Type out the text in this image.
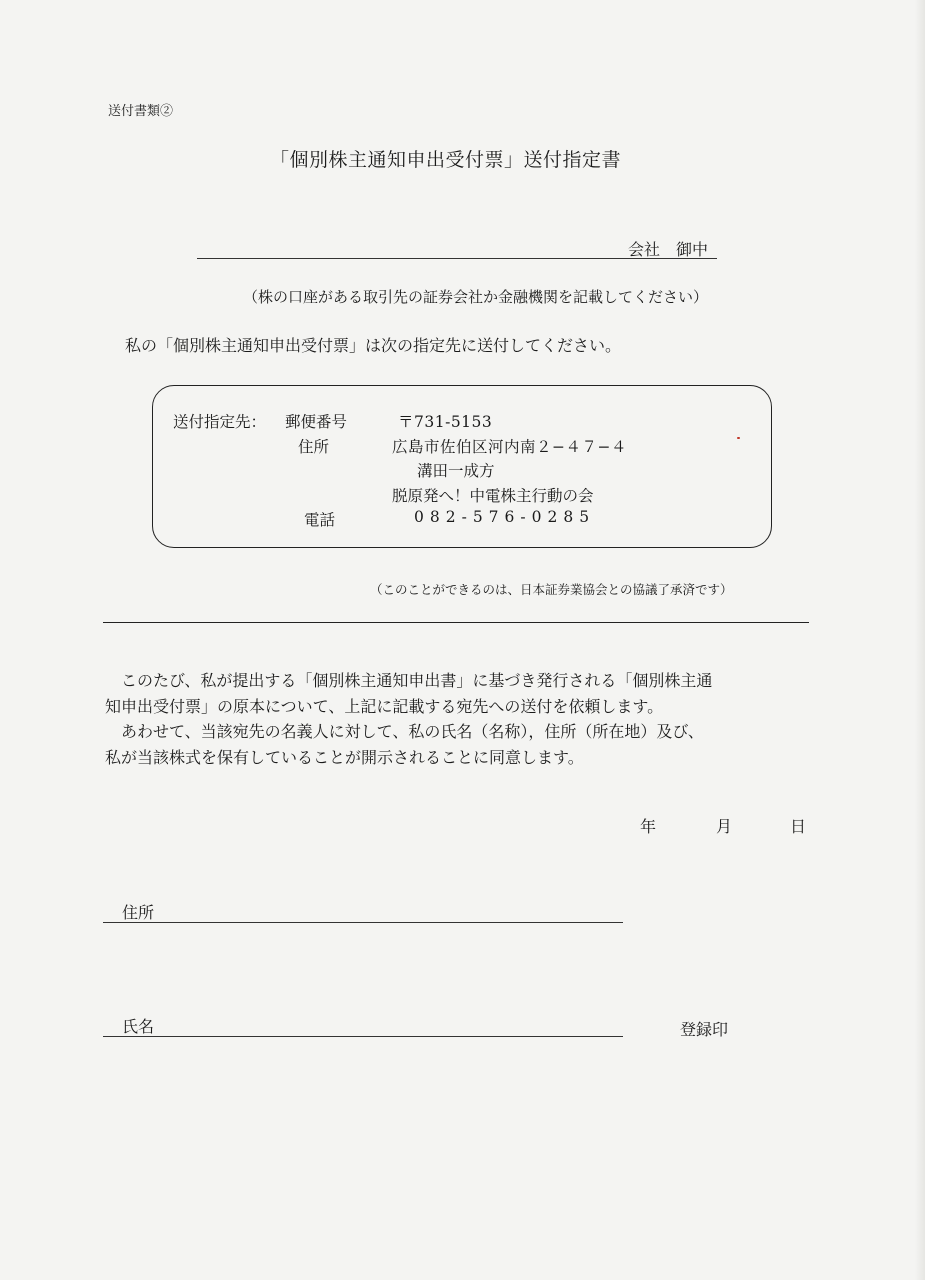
送付書類②
「個別株主通知申出受付票」送付指定書
会社　御中
（株の口座がある取引先の証券会社か金融機関を記載してください）
私の「個別株主通知申出受付票」は次の指定先に送付してください。
送付指定先： 郵便番号	〒731-5153
住所	広島市佐伯区河内南２−４７−４
溝田一成方
脱原発へ！中電株主行動の会
電話	082-576-0285
（このことができるのは、日本証券業協会との協議了承済です）
　このたび、私が提出する「個別株主通知申出書」に基づき発行される「個別株主通
知申出受付票」の原本について、上記に記載する宛先への送付を依頼します。
　あわせて、当該宛先の名義人に対して、私の氏名（名称），住所（所在地）及び、
私が当該株式を保有していることが開示されることに同意します。
年	月	日
住所
氏名	登録印
